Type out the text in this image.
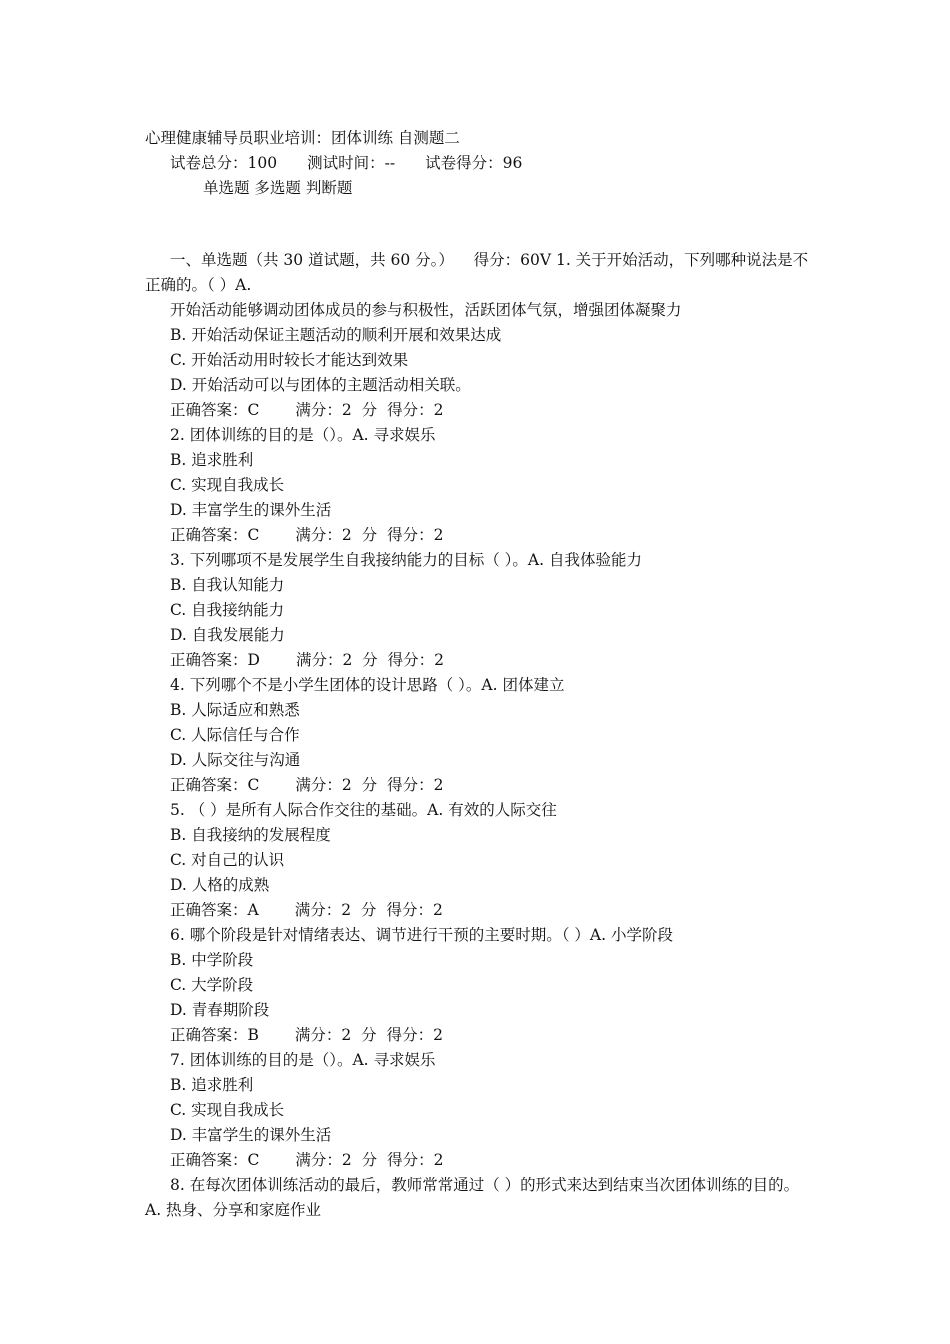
心理健康辅导员职业培训：团体训练 自测题二
试卷总分：100 测试时间：-- 试卷得分：96
单选题 多选题 判断题
一、单选题（共 30 道试题，共 60 分。）    得分：60V 1. 关于开始活动，下列哪种说法是不正确的。（ ）A.
开始活动能够调动团体成员的参与积极性，活跃团体气氛，增强团体凝聚力
B. 开始活动保证主题活动的顺利开展和效果达成
C. 开始活动用时较长才能达到效果
D. 开始活动可以与团体的主题活动相关联。
正确答案：C 满分：2  分 得分：2
2. 团体训练的目的是（）。A. 寻求娱乐
B. 追求胜利
C. 实现自我成长
D. 丰富学生的课外生活
正确答案：C 满分：2  分 得分：2
3. 下列哪项不是发展学生自我接纳能力的目标（ ）。A. 自我体验能力
B. 自我认知能力
C. 自我接纳能力
D. 自我发展能力
正确答案：D 满分：2  分 得分：2
4. 下列哪个不是小学生团体的设计思路（ ）。A. 团体建立
B. 人际适应和熟悉
C. 人际信任与合作
D. 人际交往与沟通
正确答案：C 满分：2  分 得分：2
5. （ ）是所有人际合作交往的基础。A. 有效的人际交往
B. 自我接纳的发展程度
C. 对自己的认识
D. 人格的成熟
正确答案：A 满分：2  分 得分：2
6. 哪个阶段是针对情绪表达、调节进行干预的主要时期。（ ）A. 小学阶段
B. 中学阶段
C. 大学阶段
D. 青春期阶段
正确答案：B 满分：2  分 得分：2
7. 团体训练的目的是（）。A. 寻求娱乐
B. 追求胜利
C. 实现自我成长
D. 丰富学生的课外生活
正确答案：C 满分：2  分 得分：2
8. 在每次团体训练活动的最后，教师常常通过（ ）的形式来达到结束当次团体训练的目的。A. 热身、分享和家庭作业
